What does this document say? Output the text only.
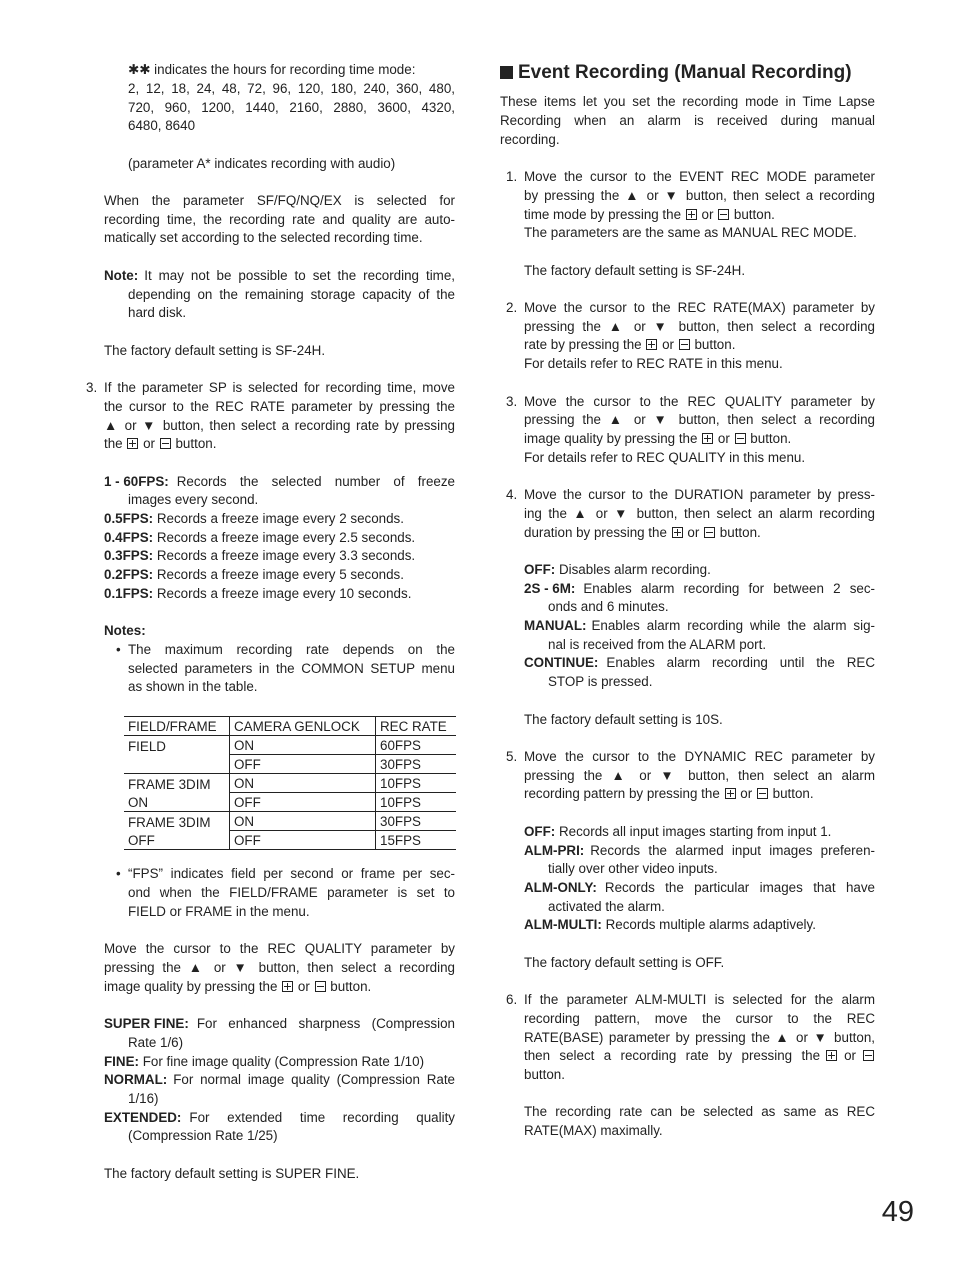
✱✱ indicates the hours for recording time mode:
2, 12, 18, 24, 48, 72, 96, 120, 180, 240, 360, 480,
720, 960, 1200, 1440, 2160, 2880, 3600, 4320,
6480, 8640
(parameter A* indicates recording with audio)
When the parameter SF/FQ/NQ/EX is selected for
recording time, the recording rate and quality are auto-
matically set according to the selected recording time.
Note: It may not be possible to set the recording time,
depending on the remaining storage capacity of the
hard disk.
The factory default setting is SF-24H.
3. If the parameter SP is selected for recording time, move
the cursor to the REC RATE parameter by pressing the
▲ or ▼ button, then select a recording rate by pressing
the or button.
1 - 60FPS: Records the selected number of freeze
images every second.
0.5FPS: Records a freeze image every 2 seconds.
0.4FPS: Records a freeze image every 2.5 seconds.
0.3FPS: Records a freeze image every 3.3 seconds.
0.2FPS: Records a freeze image every 5 seconds.
0.1FPS: Records a freeze image every 10 seconds.
Notes:
• The maximum recording rate depends on the
selected parameters in the COMMON SETUP menu
as shown in the table.
FIELD/FRAME	CAMERA GENLOCK	REC RATE
FIELD	ON	60FPS
	OFF	30FPS
FRAME 3DIM	ON	10FPS
ON	OFF	10FPS
FRAME 3DIM	ON	30FPS
OFF	OFF	15FPS
• “FPS” indicates field per second or frame per sec-
ond when the FIELD/FRAME parameter is set to
FIELD or FRAME in the menu.
Move the cursor to the REC QUALITY parameter by
pressing the ▲ or ▼ button, then select a recording
image quality by pressing the or button.
SUPER FINE: For enhanced sharpness (Compression
Rate 1/6)
FINE: For fine image quality (Compression Rate 1/10)
NORMAL: For normal image quality (Compression Rate
1/16)
EXTENDED: For extended time recording quality
(Compression Rate 1/25)
The factory default setting is SUPER FINE.
Event Recording (Manual Recording)
These items let you set the recording mode in Time Lapse
Recording when an alarm is received during manual
recording.
1. Move the cursor to the EVENT REC MODE parameter
by pressing the ▲ or ▼ button, then select a recording
time mode by pressing the or button.
The parameters are the same as MANUAL REC MODE.
The factory default setting is SF-24H.
2. Move the cursor to the REC RATE(MAX) parameter by
pressing the ▲ or ▼ button, then select a recording
rate by pressing the or button.
For details refer to REC RATE in this menu.
3. Move the cursor to the REC QUALITY parameter by
pressing the ▲ or ▼ button, then select a recording
image quality by pressing the or button.
For details refer to REC QUALITY in this menu.
4. Move the cursor to the DURATION parameter by press-
ing the ▲ or ▼ button, then select an alarm recording
duration by pressing the or button.
OFF: Disables alarm recording.
2S - 6M: Enables alarm recording for between 2 sec-
onds and 6 minutes.
MANUAL: Enables alarm recording while the alarm sig-
nal is received from the ALARM port.
CONTINUE: Enables alarm recording until the REC
STOP is pressed.
The factory default setting is 10S.
5. Move the cursor to the DYNAMIC REC parameter by
pressing the ▲ or ▼ button, then select an alarm
recording pattern by pressing the or button.
OFF: Records all input images starting from input 1.
ALM-PRI: Records the alarmed input images preferen-
tially over other video inputs.
ALM-ONLY: Records the particular images that have
activated the alarm.
ALM-MULTI: Records multiple alarms adaptively.
The factory default setting is OFF.
6. If the parameter ALM-MULTI is selected for the alarm
recording pattern, move the cursor to the REC
RATE(BASE) parameter by pressing the ▲ or ▼ button,
then select a recording rate by pressing the or
button.
The recording rate can be selected as same as REC
RATE(MAX) maximally.
49
